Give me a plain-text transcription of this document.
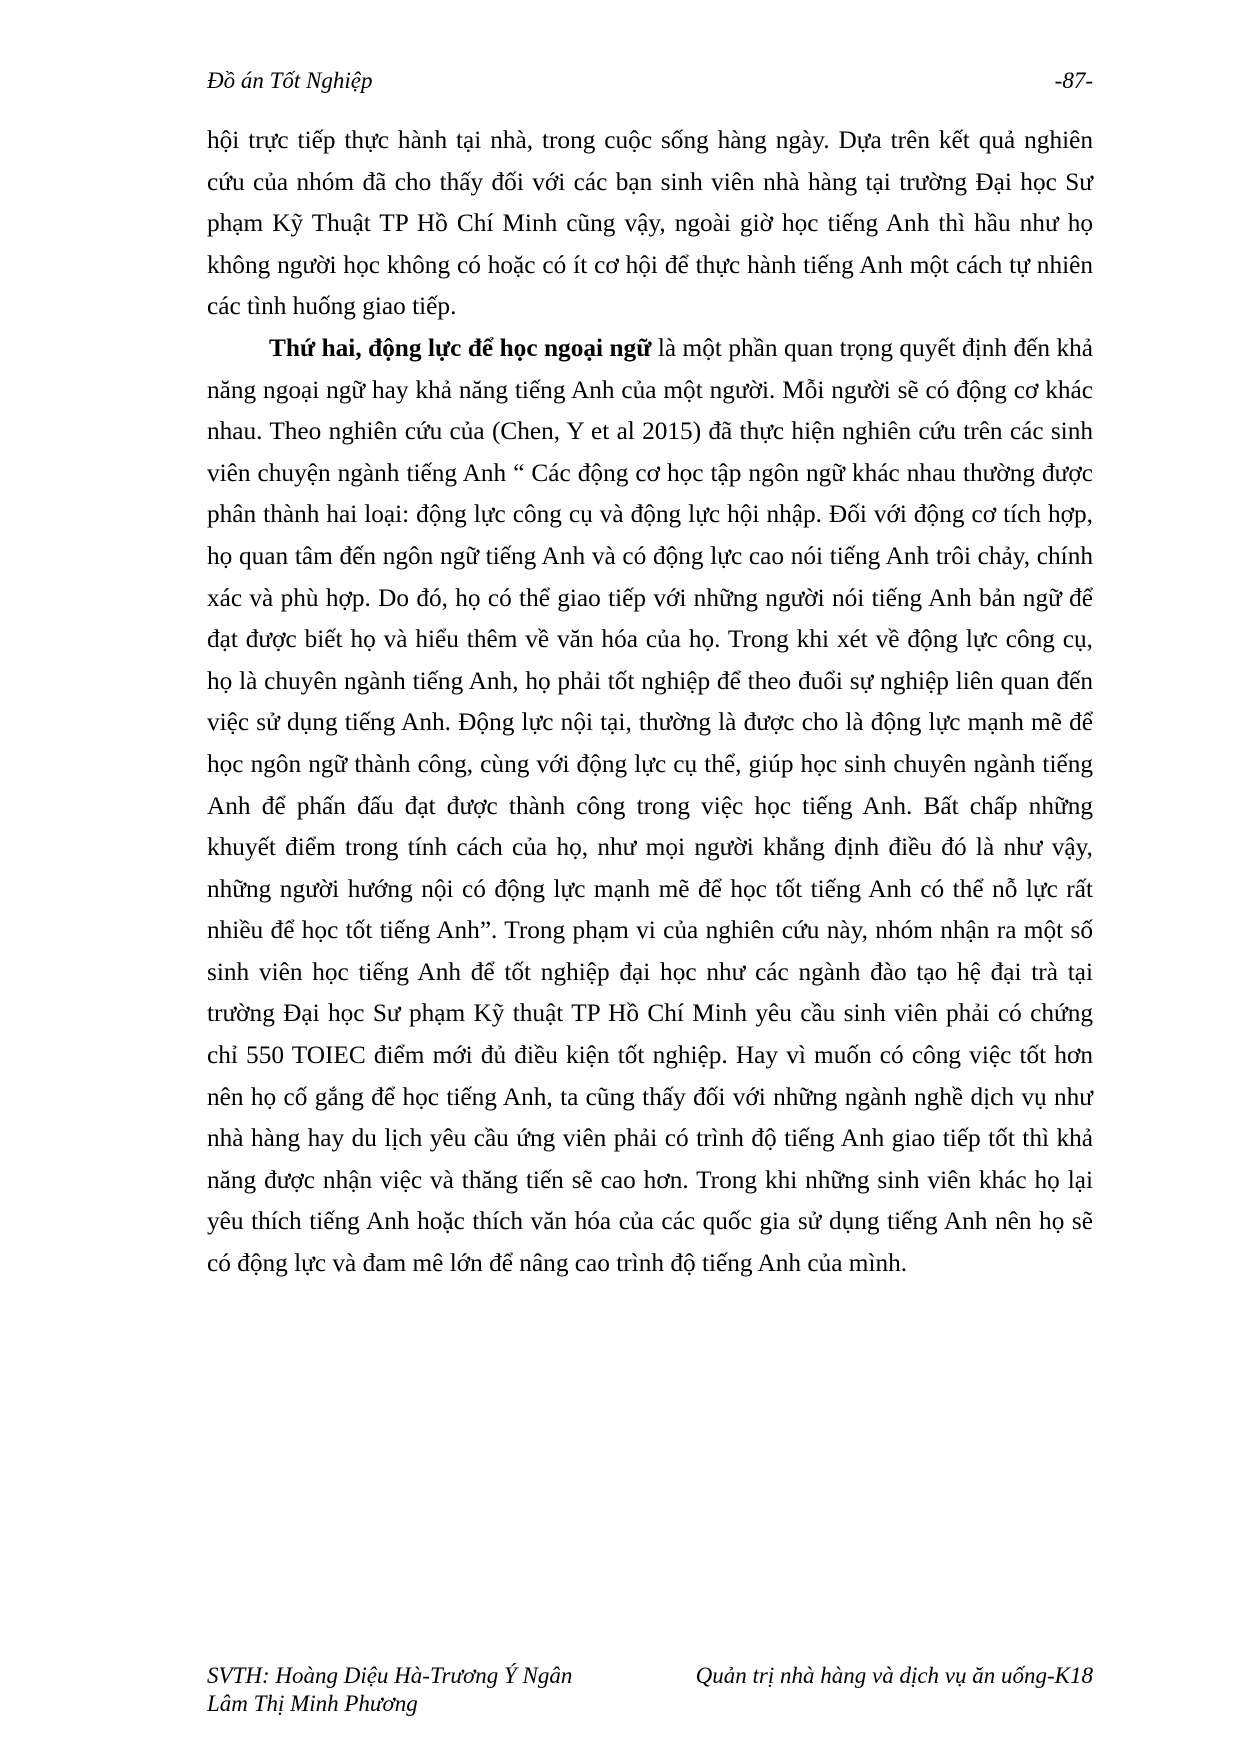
Đồ án Tốt Nghiệp	-87-

hội trực tiếp thực hành tại nhà, trong cuộc sống hàng ngày. Dựa trên kết quả nghiên cứu của nhóm đã cho thấy đối với các bạn sinh viên nhà hàng tại trường Đại học Sư phạm Kỹ Thuật TP Hồ Chí Minh cũng vậy, ngoài giờ học tiếng Anh thì hầu như họ không người học không có hoặc có ít cơ hội để thực hành tiếng Anh một cách tự nhiên các tình huống giao tiếp.

Thứ hai, động lực để học ngoại ngữ là một phần quan trọng quyết định đến khả năng ngoại ngữ hay khả năng tiếng Anh của một người. Mỗi người sẽ có động cơ khác nhau. Theo nghiên cứu của (Chen, Y et al 2015) đã thực hiện nghiên cứu trên các sinh viên chuyện ngành tiếng Anh “ Các động cơ học tập ngôn ngữ khác nhau thường được phân thành hai loại: động lực công cụ và động lực hội nhập. Đối với động cơ tích hợp, họ quan tâm đến ngôn ngữ tiếng Anh và có động lực cao nói tiếng Anh trôi chảy, chính xác và phù hợp. Do đó, họ có thể giao tiếp với những người nói tiếng Anh bản ngữ để đạt được biết họ và hiểu thêm về văn hóa của họ. Trong khi xét về động lực công cụ, họ là chuyên ngành tiếng Anh, họ phải tốt nghiệp để theo đuổi sự nghiệp liên quan đến việc sử dụng tiếng Anh. Động lực nội tại, thường là được cho là động lực mạnh mẽ để học ngôn ngữ thành công, cùng với động lực cụ thể, giúp học sinh chuyên ngành tiếng Anh để phấn đấu đạt được thành công trong việc học tiếng Anh. Bất chấp những khuyết điểm trong tính cách của họ, như mọi người khẳng định điều đó là như vậy, những người hướng nội có động lực mạnh mẽ để học tốt tiếng Anh có thể nỗ lực rất nhiều để học tốt tiếng Anh”. Trong phạm vi của nghiên cứu này, nhóm nhận ra một số sinh viên học tiếng Anh để tốt nghiệp đại học như các ngành đào tạo hệ đại trà tại trường Đại học Sư phạm Kỹ thuật TP Hồ Chí Minh yêu cầu sinh viên phải có chứng chỉ 550 TOIEC điểm mới đủ điều kiện tốt nghiệp. Hay vì muốn có công việc tốt hơn nên họ cố gắng để học tiếng Anh, ta cũng thấy đối với những ngành nghề dịch vụ như nhà hàng hay du lịch yêu cầu ứng viên phải có trình độ tiếng Anh giao tiếp tốt thì khả năng được nhận việc và thăng tiến sẽ cao hơn. Trong khi những sinh viên khác họ lại yêu thích tiếng Anh hoặc thích văn hóa của các quốc gia sử dụng tiếng Anh nên họ sẽ có động lực và đam mê lớn để nâng cao trình độ tiếng Anh của mình.

SVTH: Hoàng Diệu Hà-Trương Ý Ngân	Quản trị nhà hàng và dịch vụ ăn uống-K18
Lâm Thị Minh Phương
